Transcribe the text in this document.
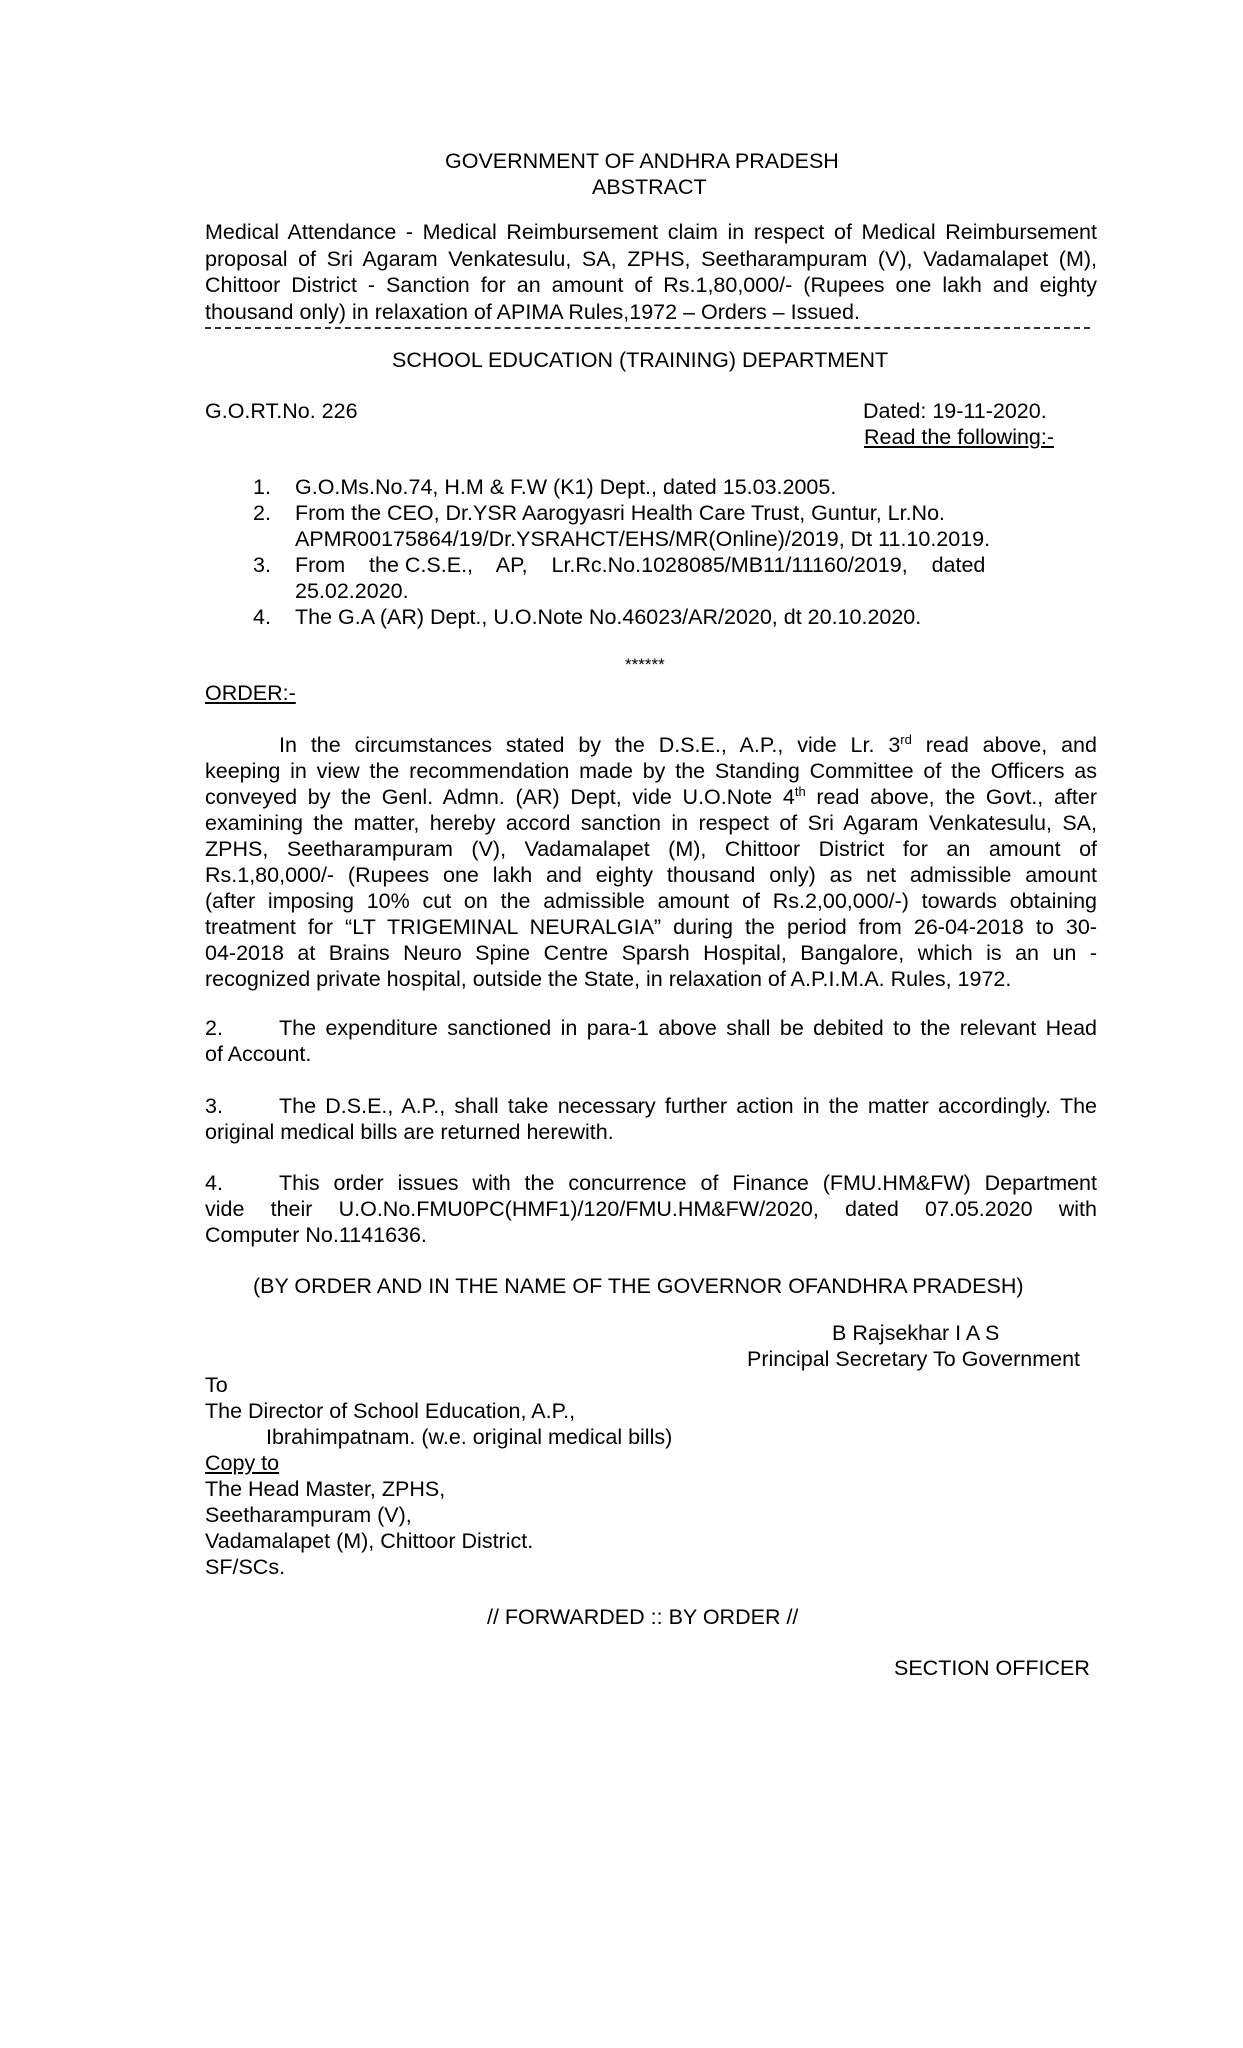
GOVERNMENT OF ANDHRA PRADESH
ABSTRACT
Medical Attendance - Medical Reimbursement claim in respect of Medical Reimbursement
proposal of Sri Agaram Venkatesulu, SA, ZPHS, Seetharampuram (V), Vadamalapet (M),
Chittoor District - Sanction for an amount of Rs.1,80,000/- (Rupees one lakh and eighty
thousand only) in relaxation of APIMA Rules,1972 – Orders – Issued.
SCHOOL EDUCATION (TRAINING) DEPARTMENT
G.O.RT.No. 226	Dated: 19-11-2020.
Read the following:-
1. G.O.Ms.No.74, H.M & F.W (K1) Dept., dated 15.03.2005.
2. From the CEO, Dr.YSR Aarogyasri Health Care Trust, Guntur, Lr.No.
APMR00175864/19/Dr.YSRAHCT/EHS/MR(Online)/2019, Dt 11.10.2019.
3. From    the C.S.E.,    AP,    Lr.Rc.No.1028085/MB11/11160/2019,    dated
25.02.2020.
4. The G.A (AR) Dept., U.O.Note No.46023/AR/2020, dt 20.10.2020.
******
ORDER:-
In the circumstances stated by the D.S.E., A.P., vide Lr. 3rd read above, and
keeping in view the recommendation made by the Standing Committee of the Officers as
conveyed by the Genl. Admn. (AR) Dept, vide U.O.Note 4th read above, the Govt., after
examining the matter, hereby accord sanction in respect of Sri Agaram Venkatesulu, SA,
ZPHS, Seetharampuram (V), Vadamalapet (M), Chittoor District for an amount of
Rs.1,80,000/- (Rupees one lakh and eighty thousand only) as net admissible amount
(after imposing 10% cut on the admissible amount of Rs.2,00,000/-) towards obtaining
treatment for “LT TRIGEMINAL NEURALGIA” during the period from 26-04-2018 to 30-
04-2018 at Brains Neuro Spine Centre Sparsh Hospital, Bangalore, which is an un -
recognized private hospital, outside the State, in relaxation of A.P.I.M.A. Rules, 1972.
2.	The expenditure sanctioned in para-1 above shall be debited to the relevant Head
of Account.
3.	The D.S.E., A.P., shall take necessary further action in the matter accordingly. The
original medical bills are returned herewith.
4.	This order issues with the concurrence of Finance (FMU.HM&FW) Department
vide their U.O.No.FMU0PC(HMF1)/120/FMU.HM&FW/2020, dated 07.05.2020 with
Computer No.1141636.
(BY ORDER AND IN THE NAME OF THE GOVERNOR OFANDHRA PRADESH)
B Rajsekhar I A S
Principal Secretary To Government
To
The Director of School Education, A.P.,
Ibrahimpatnam. (w.e. original medical bills)
Copy to
The Head Master, ZPHS,
Seetharampuram (V),
Vadamalapet (M), Chittoor District.
SF/SCs.
// FORWARDED :: BY ORDER //
SECTION OFFICER
